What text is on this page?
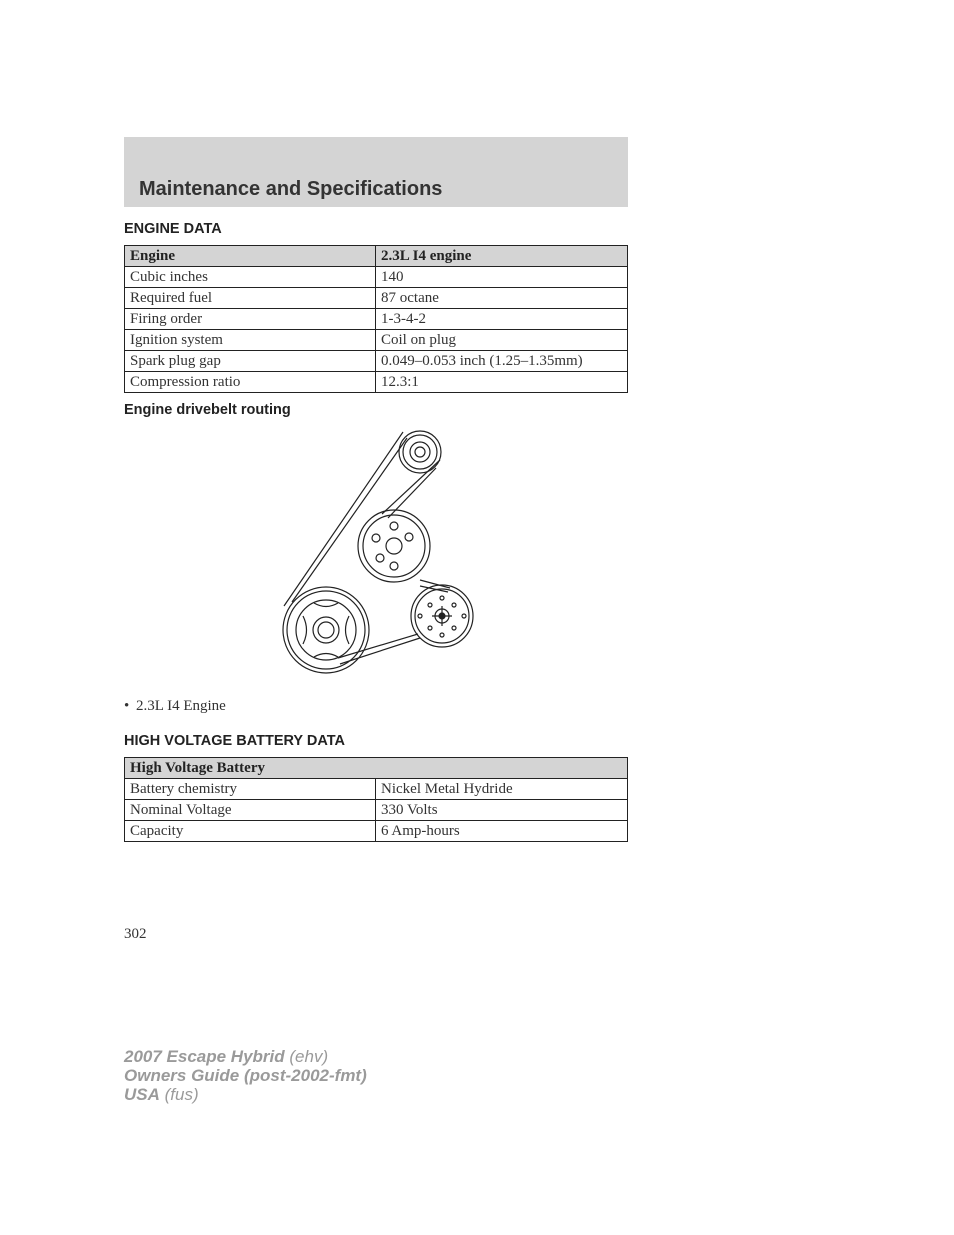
Maintenance and Specifications
ENGINE DATA
Engine	2.3L I4 engine
Cubic inches	140
Required fuel	87 octane
Firing order	1-3-4-2
Ignition system	Coil on plug
Spark plug gap	0.049–0.053 inch (1.25–1.35mm)
Compression ratio	12.3:1
Engine drivebelt routing
• 2.3L I4 Engine
HIGH VOLTAGE BATTERY DATA
High Voltage Battery	
Battery chemistry	Nickel Metal Hydride
Nominal Voltage	330 Volts
Capacity	6 Amp-hours
302
2007 Escape Hybrid (ehv)
Owners Guide (post-2002-fmt)
USA (fus)
